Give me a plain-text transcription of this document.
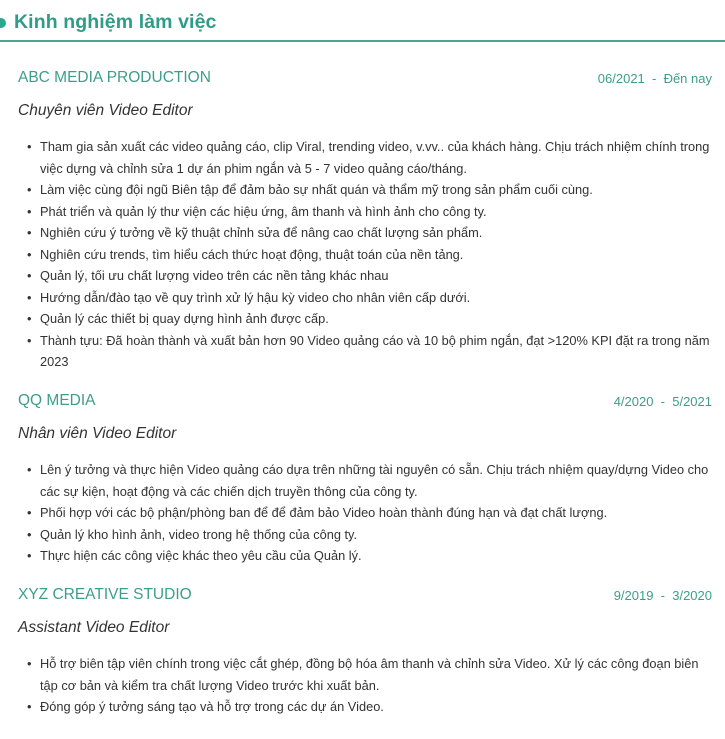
Kinh nghiệm làm việc
ABC MEDIA PRODUCTION	06/2021  -  Đến nay
Chuyên viên Video Editor
• Tham gia sản xuất các video quảng cáo, clip Viral, trending video, v.vv.. của khách hàng. Chịu trách nhiệm chính trong việc dựng và chỉnh sửa 1 dự án phim ngắn và 5 - 7 video quảng cáo/tháng.
• Làm việc cùng đội ngũ Biên tập để đảm bảo sự nhất quán và thẩm mỹ trong sản phẩm cuối cùng.
• Phát triển và quản lý thư viện các hiệu ứng, âm thanh và hình ảnh cho công ty.
• Nghiên cứu ý tưởng về kỹ thuật chỉnh sửa để nâng cao chất lượng sản phẩm.
• Nghiên cứu trends, tìm hiểu cách thức hoạt động, thuật toán của nền tảng.
• Quản lý, tối ưu chất lượng video trên các nền tảng khác nhau
• Hướng dẫn/đào tạo về quy trình xử lý hậu kỳ video cho nhân viên cấp dưới.
• Quản lý các thiết bị quay dựng hình ảnh được cấp.
• Thành tựu: Đã hoàn thành và xuất bản hơn 90 Video quảng cáo và 10 bộ phim ngắn, đạt >120% KPI đặt ra trong năm 2023
QQ MEDIA	4/2020  -  5/2021
Nhân viên Video Editor
• Lên ý tưởng và thực hiện Video quảng cáo dựa trên những tài nguyên có sẵn. Chịu trách nhiệm quay/dựng Video cho các sự kiện, hoạt động và các chiến dịch truyền thông của công ty.
• Phối hợp với các bộ phận/phòng ban để để đảm bảo Video hoàn thành đúng hạn và đạt chất lượng.
• Quản lý kho hình ảnh, video trong hệ thống của công ty.
• Thực hiện các công việc khác theo yêu cầu của Quản lý.
XYZ CREATIVE STUDIO	9/2019  -  3/2020
Assistant Video Editor
• Hỗ trợ biên tập viên chính trong việc cắt ghép, đồng bộ hóa âm thanh và chỉnh sửa Video. Xử lý các công đoạn biên tập cơ bản và kiểm tra chất lượng Video trước khi xuất bản.
• Đóng góp ý tưởng sáng tạo và hỗ trợ trong các dự án Video.
